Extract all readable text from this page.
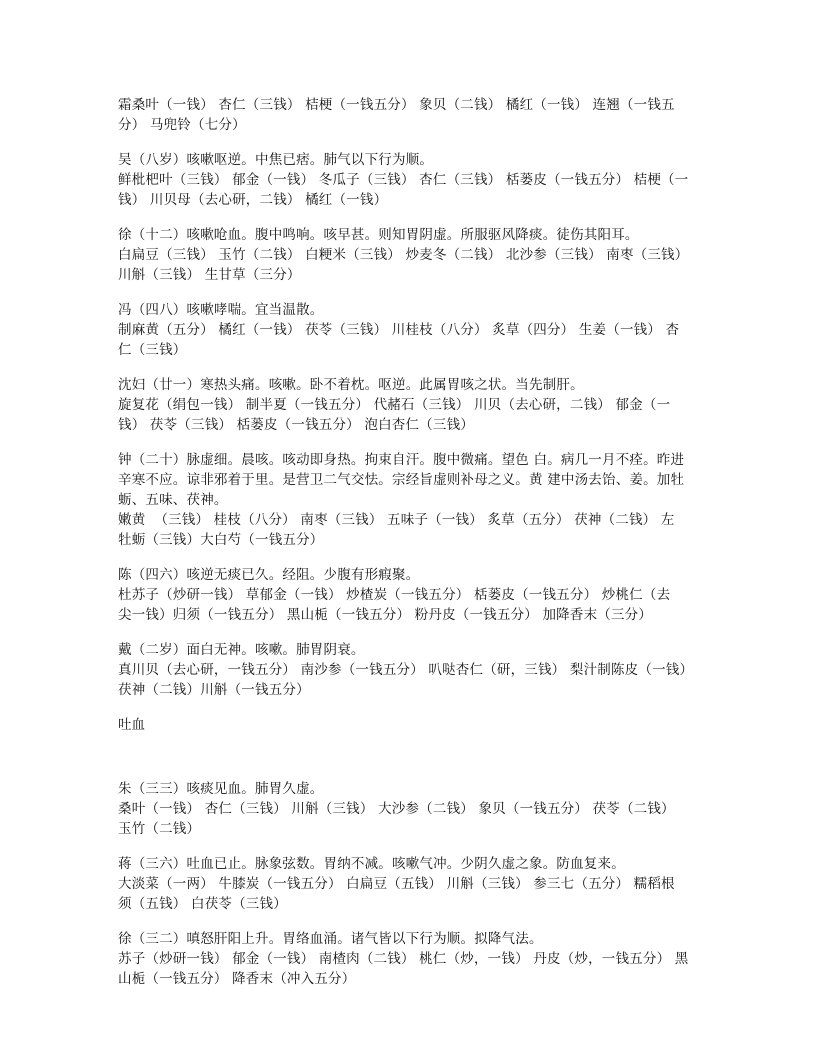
霜桑叶（一钱） 杏仁（三钱） 桔梗（一钱五分） 象贝（二钱） 橘红（一钱） 连翘（一钱五
分） 马兜铃（七分）
吴（八岁）咳嗽呕逆。中焦已痞。肺气以下行为顺。
鲜枇杷叶（三钱） 郁金（一钱） 冬瓜子（三钱） 杏仁（三钱） 栝蒌皮（一钱五分） 桔梗（一
钱） 川贝母（去心研，二钱） 橘红（一钱）
徐（十二）咳嗽呛血。腹中鸣响。咳早甚。则知胃阴虚。所服驱风降痰。徒伤其阳耳。
白扁豆（三钱） 玉竹（二钱） 白粳米（三钱） 炒麦冬（二钱） 北沙参（三钱） 南枣（三钱）
川斛（三钱） 生甘草（三分）
冯（四八）咳嗽哮喘。宜当温散。
制麻黄（五分） 橘红（一钱） 茯苓（三钱） 川桂枝（八分） 炙草（四分） 生姜（一钱） 杏
仁（三钱）
沈妇（廿一）寒热头痛。咳嗽。卧不着枕。呕逆。此属胃咳之状。当先制肝。
旋复花（绢包一钱） 制半夏（一钱五分） 代赭石（三钱） 川贝（去心研，二钱） 郁金（一
钱） 茯苓（三钱） 栝蒌皮（一钱五分） 泡白杏仁（三钱）
钟（二十）脉虚细。晨咳。咳动即身热。拘束自汗。腹中微痛。望色 白。病几一月不痊。昨进
辛寒不应。谅非邪着于里。是营卫二气交怯。宗经旨虚则补母之义。黄 建中汤去饴、姜。加牡
蛎、五味、茯神。
嫩黄  （三钱） 桂枝（八分） 南枣（三钱） 五味子（一钱） 炙草（五分） 茯神（二钱） 左
牡蛎（三钱）大白芍（一钱五分）
陈（四六）咳逆无痰已久。经阻。少腹有形瘕聚。
杜苏子（炒研一钱） 草郁金（一钱） 炒楂炭（一钱五分） 栝蒌皮（一钱五分） 炒桃仁（去
尖一钱）归须（一钱五分） 黑山栀（一钱五分） 粉丹皮（一钱五分） 加降香末（三分）
戴（二岁）面白无神。咳嗽。肺胃阴衰。
真川贝（去心研，一钱五分） 南沙参（一钱五分） 叭哒杏仁（研，三钱） 梨汁制陈皮（一钱）
茯神（二钱）川斛（一钱五分）
吐血
朱（三三）咳痰见血。肺胃久虚。
桑叶（一钱） 杏仁（三钱） 川斛（三钱） 大沙参（二钱） 象贝（一钱五分） 茯苓（二钱）
玉竹（二钱）
蒋（三六）吐血已止。脉象弦数。胃纳不减。咳嗽气冲。少阴久虚之象。防血复来。
大淡菜（一两） 牛膝炭（一钱五分） 白扁豆（五钱） 川斛（三钱） 参三七（五分） 糯稻根
须（五钱） 白茯苓（三钱）
徐（三二）嗔怒肝阳上升。胃络血涌。诸气皆以下行为顺。拟降气法。
苏子（炒研一钱） 郁金（一钱） 南楂肉（二钱） 桃仁（炒，一钱） 丹皮（炒，一钱五分） 黑
山栀（一钱五分） 降香末（冲入五分）
